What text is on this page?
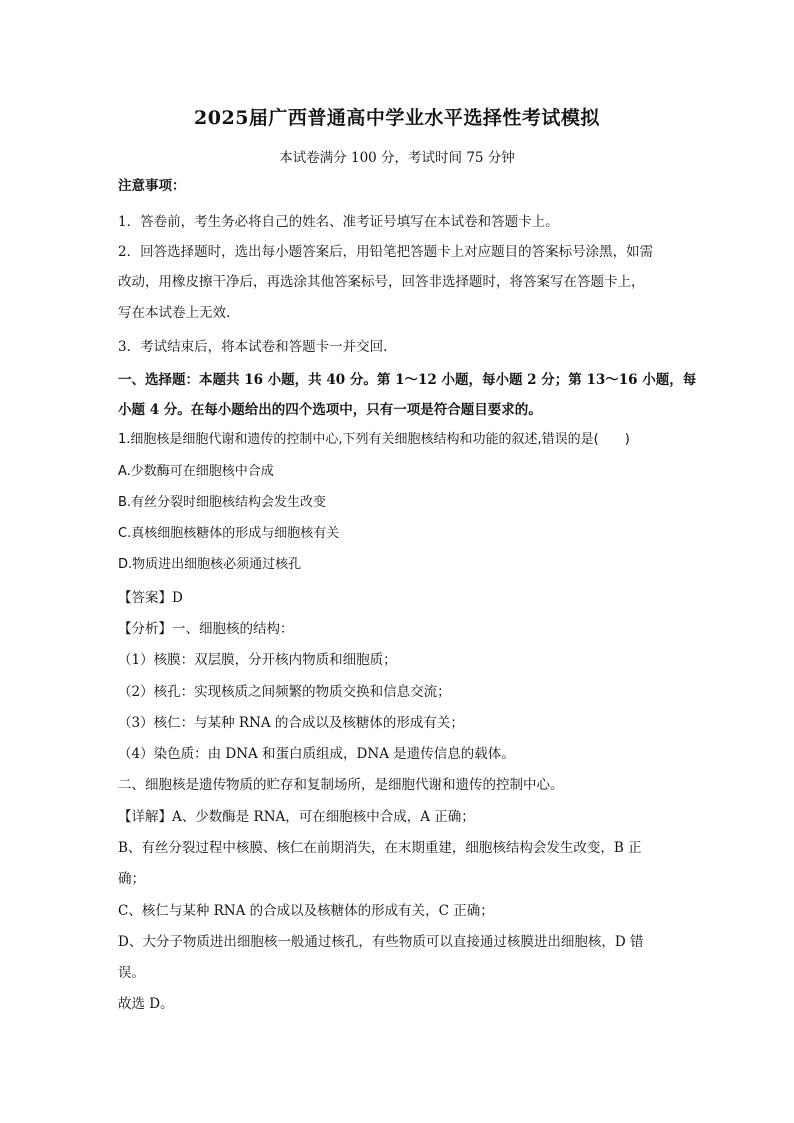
2025届广西普通高中学业水平选择性考试模拟
本试卷满分 100 分，考试时间 75 分钟
注意事项：
1．答卷前，考生务必将自己的姓名、准考证号填写在本试卷和答题卡上。
2．回答选择题时，选出每小题答案后，用铅笔把答题卡上对应题目的答案标号涂黑，如需
改动，用橡皮擦干净后，再选涂其他答案标号，回答非选择题时，将答案写在答题卡上，
写在本试卷上无效.
3．考试结束后，将本试卷和答题卡一并交回.
一、选择题：本题共 16 小题，共 40 分。第 1～12 小题，每小题 2 分；第 13～16 小题，每
小题 4 分。在每小题给出的四个选项中，只有一项是符合题目要求的。
1.细胞核是细胞代谢和遗传的控制中心,下列有关细胞核结构和功能的叙述,错误的是(　　)
A.少数酶可在细胞核中合成
B.有丝分裂时细胞核结构会发生改变
C.真核细胞核糖体的形成与细胞核有关
D.物质进出细胞核必须通过核孔
【答案】D
【分析】一、细胞核的结构：
（1）核膜：双层膜，分开核内物质和细胞质；
（2）核孔：实现核质之间频繁的物质交换和信息交流；
（3）核仁：与某种 RNA 的合成以及核糖体的形成有关；
（4）染色质：由 DNA 和蛋白质组成，DNA 是遗传信息的载体。
二、细胞核是遗传物质的贮存和复制场所，是细胞代谢和遗传的控制中心。
【详解】A、少数酶是 RNA，可在细胞核中合成，A 正确；
B、有丝分裂过程中核膜、核仁在前期消失，在末期重建，细胞核结构会发生改变，B 正
确；
C、核仁与某种 RNA 的合成以及核糖体的形成有关，C 正确；
D、大分子物质进出细胞核一般通过核孔，有些物质可以直接通过核膜进出细胞核，D 错
误。
故选 D。
